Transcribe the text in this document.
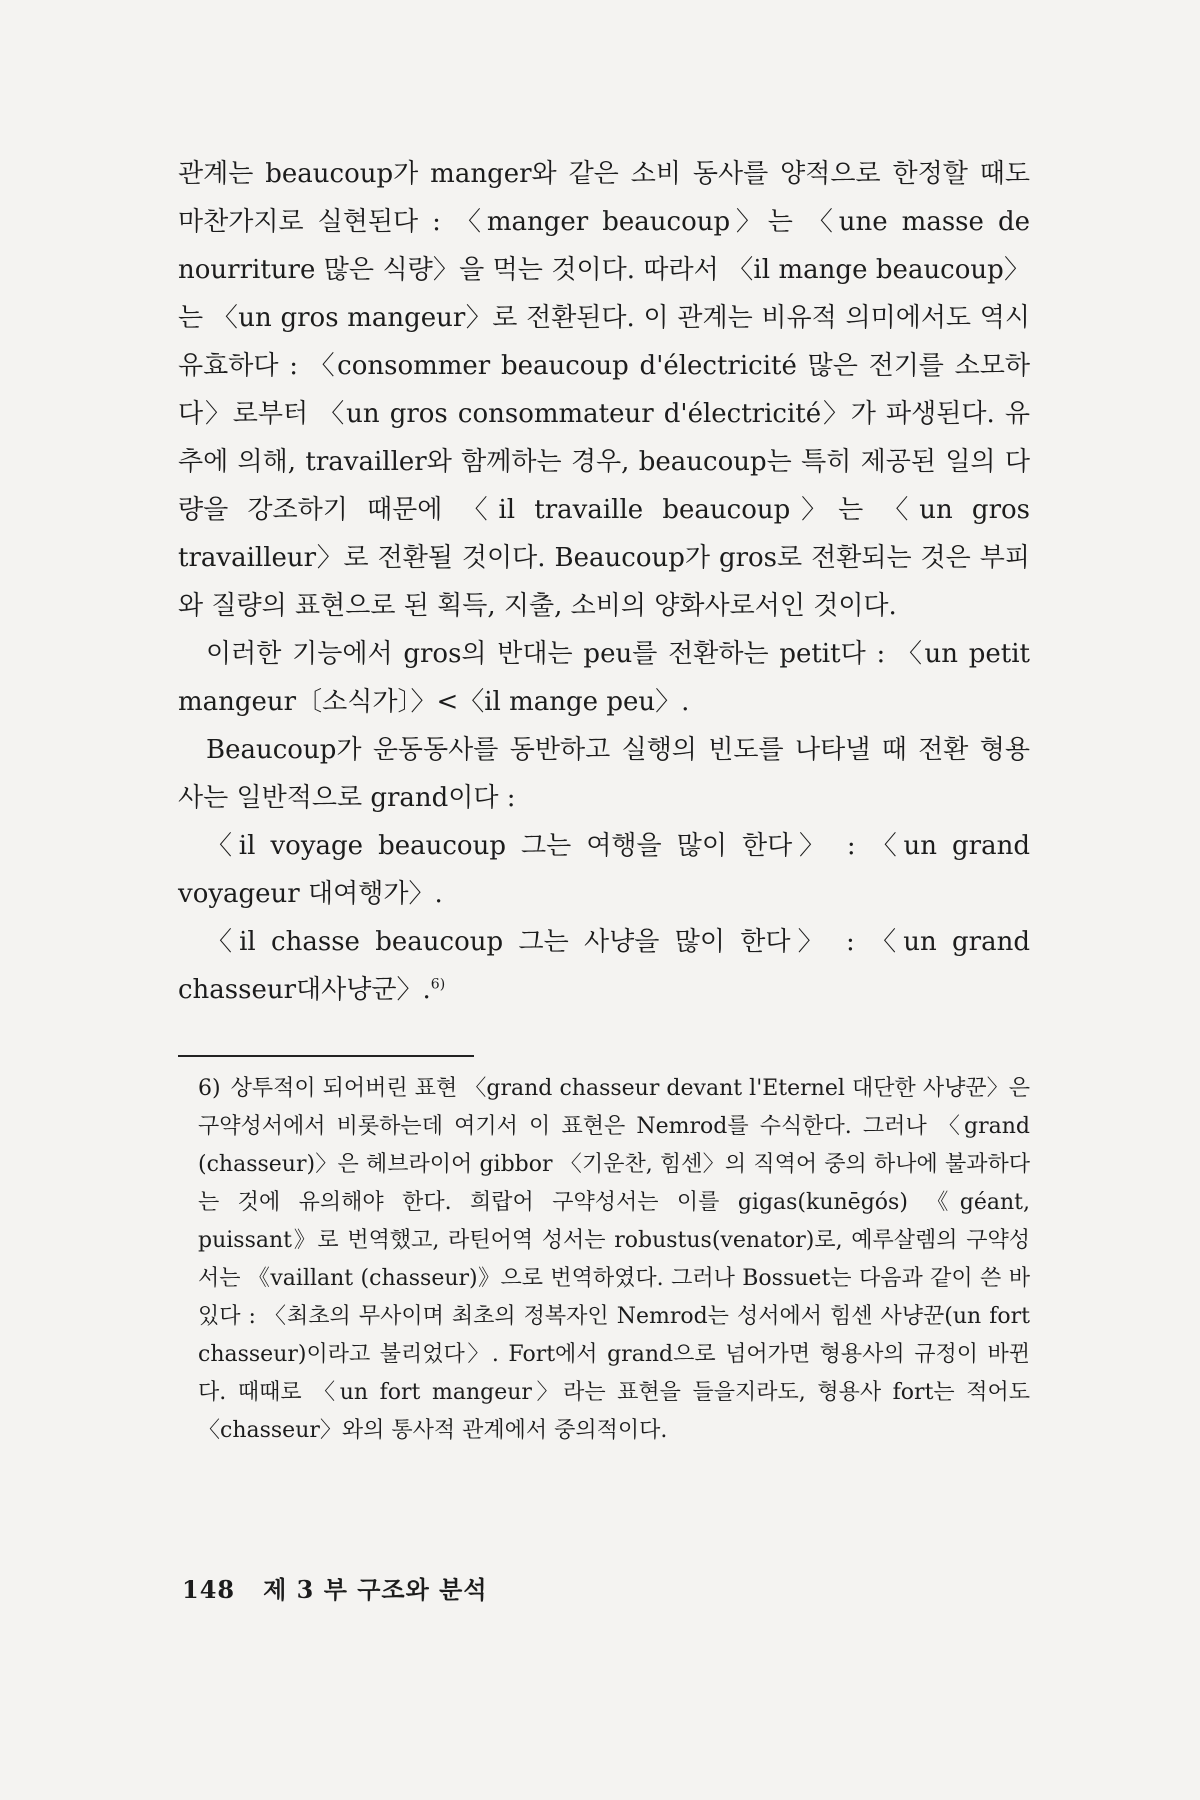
관계는 beaucoup가 manger와 같은 소비 동사를 양적으로 한정할 때도 마찬가지로 실현된다 : 〈manger beaucoup〉는 〈une masse de nourriture 많은 식량〉을 먹는 것이다. 따라서 〈il mange beaucoup〉는 〈un gros mangeur〉로 전환된다. 이 관계는 비유적 의미에서도 역시 유효하다 : 〈consommer beaucoup d'électricité 많은 전기를 소모하다〉로부터 〈un gros consommateur d'électricité〉가 파생된다. 유추에 의해, travailler와 함께하는 경우, beaucoup는 특히 제공된 일의 다량을 강조하기 때문에 〈il travaille beaucoup〉는 〈un gros travailleur〉로 전환될 것이다. Beaucoup가 gros로 전환되는 것은 부피와 질량의 표현으로 된 획득, 지출, 소비의 양화사로서인 것이다.

이러한 기능에서 gros의 반대는 peu를 전환하는 petit다 : 〈un petit mangeur〔소식가〕〉<〈il mange peu〉.

Beaucoup가 운동동사를 동반하고 실행의 빈도를 나타낼 때 전환 형용사는 일반적으로 grand이다 :

〈il voyage beaucoup 그는 여행을 많이 한다〉 : 〈un grand voyageur 대여행가〉.

〈il chasse beaucoup 그는 사냥을 많이 한다〉 : 〈un grand chasseur대사냥군〉.$^{6)}$

6) 상투적이 되어버린 표현 〈grand chasseur devant l'Eternel 대단한 사냥꾼〉은 구약성서에서 비롯하는데 여기서 이 표현은 Nemrod를 수식한다. 그러나 〈grand (chasseur)〉은 헤브라이어 gibbor 〈기운찬, 힘센〉의 직역어 중의 하나에 불과하다는 것에 유의해야 한다. 희랍어 구약성서는 이를 gigas(kunēgós) 《géant, puissant》로 번역했고, 라틴어역 성서는 robustus(venator)로, 예루살렘의 구약성서는 《vaillant (chasseur)》으로 번역하였다. 그러나 Bossuet는 다음과 같이 쓴 바 있다 : 〈최초의 무사이며 최초의 정복자인 Nemrod는 성서에서 힘센 사냥꾼(un fort chasseur)이라고 불리었다〉. Fort에서 grand으로 넘어가면 형용사의 규정이 바뀐다. 때때로 〈un fort mangeur〉라는 표현을 들을지라도, 형용사 fort는 적어도 〈chasseur〉와의 통사적 관계에서 중의적이다.
148 제 3 부 구조와 분석
